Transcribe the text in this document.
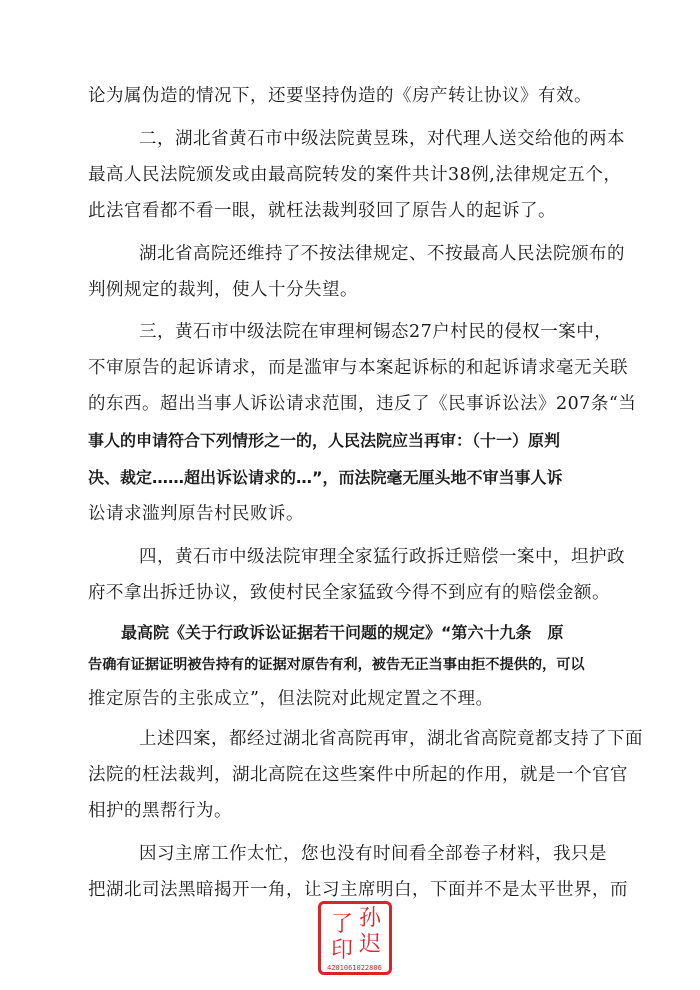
论为属伪造的情况下，还要坚持伪造的《房产转让协议》有效。
二，湖北省黄石市中级法院黄昱珠，对代理人送交给他的两本
最高人民法院颁发或由最高院转发的案件共计38例,法律规定五个，
此法官看都不看一眼，就枉法裁判驳回了原告人的起诉了。
湖北省高院还维持了不按法律规定、不按最高人民法院颁布的
判例规定的裁判，使人十分失望。
三，黄石市中级法院在审理柯锡态27户村民的侵权一案中，
不审原告的起诉请求，而是滥审与本案起诉标的和起诉请求毫无关联
的东西。超出当事人诉讼请求范围，违反了《民事诉讼法》207条“当
事人的申请符合下列情形之一的，人民法院应当再审：（十一）原判
决、裁定……超出诉讼请求的…”，而法院毫无厘头地不审当事人诉
讼请求滥判原告村民败诉。
四，黄石市中级法院审理全家猛行政拆迁赔偿一案中，坦护政
府不拿出拆迁协议，致使村民全家猛致今得不到应有的赔偿金额。
最高院《关于行政诉讼证据若干问题的规定》“第六十九条　原
告确有证据证明被告持有的证据对原告有利，被告无正当事由拒不提供的，可以
推定原告的主张成立”，但法院对此规定置之不理。
上述四案，都经过湖北省高院再审，湖北省高院竟都支持了下面
法院的枉法裁判，湖北高院在这些案件中所起的作用，就是一个官官
相护的黑帮行为。
因习主席工作太忙，您也没有时间看全部卷子材料，我只是
把湖北司法黑暗揭开一角，让习主席明白，下面并不是太平世界，而
孙
迟
了
印
4201061022806
